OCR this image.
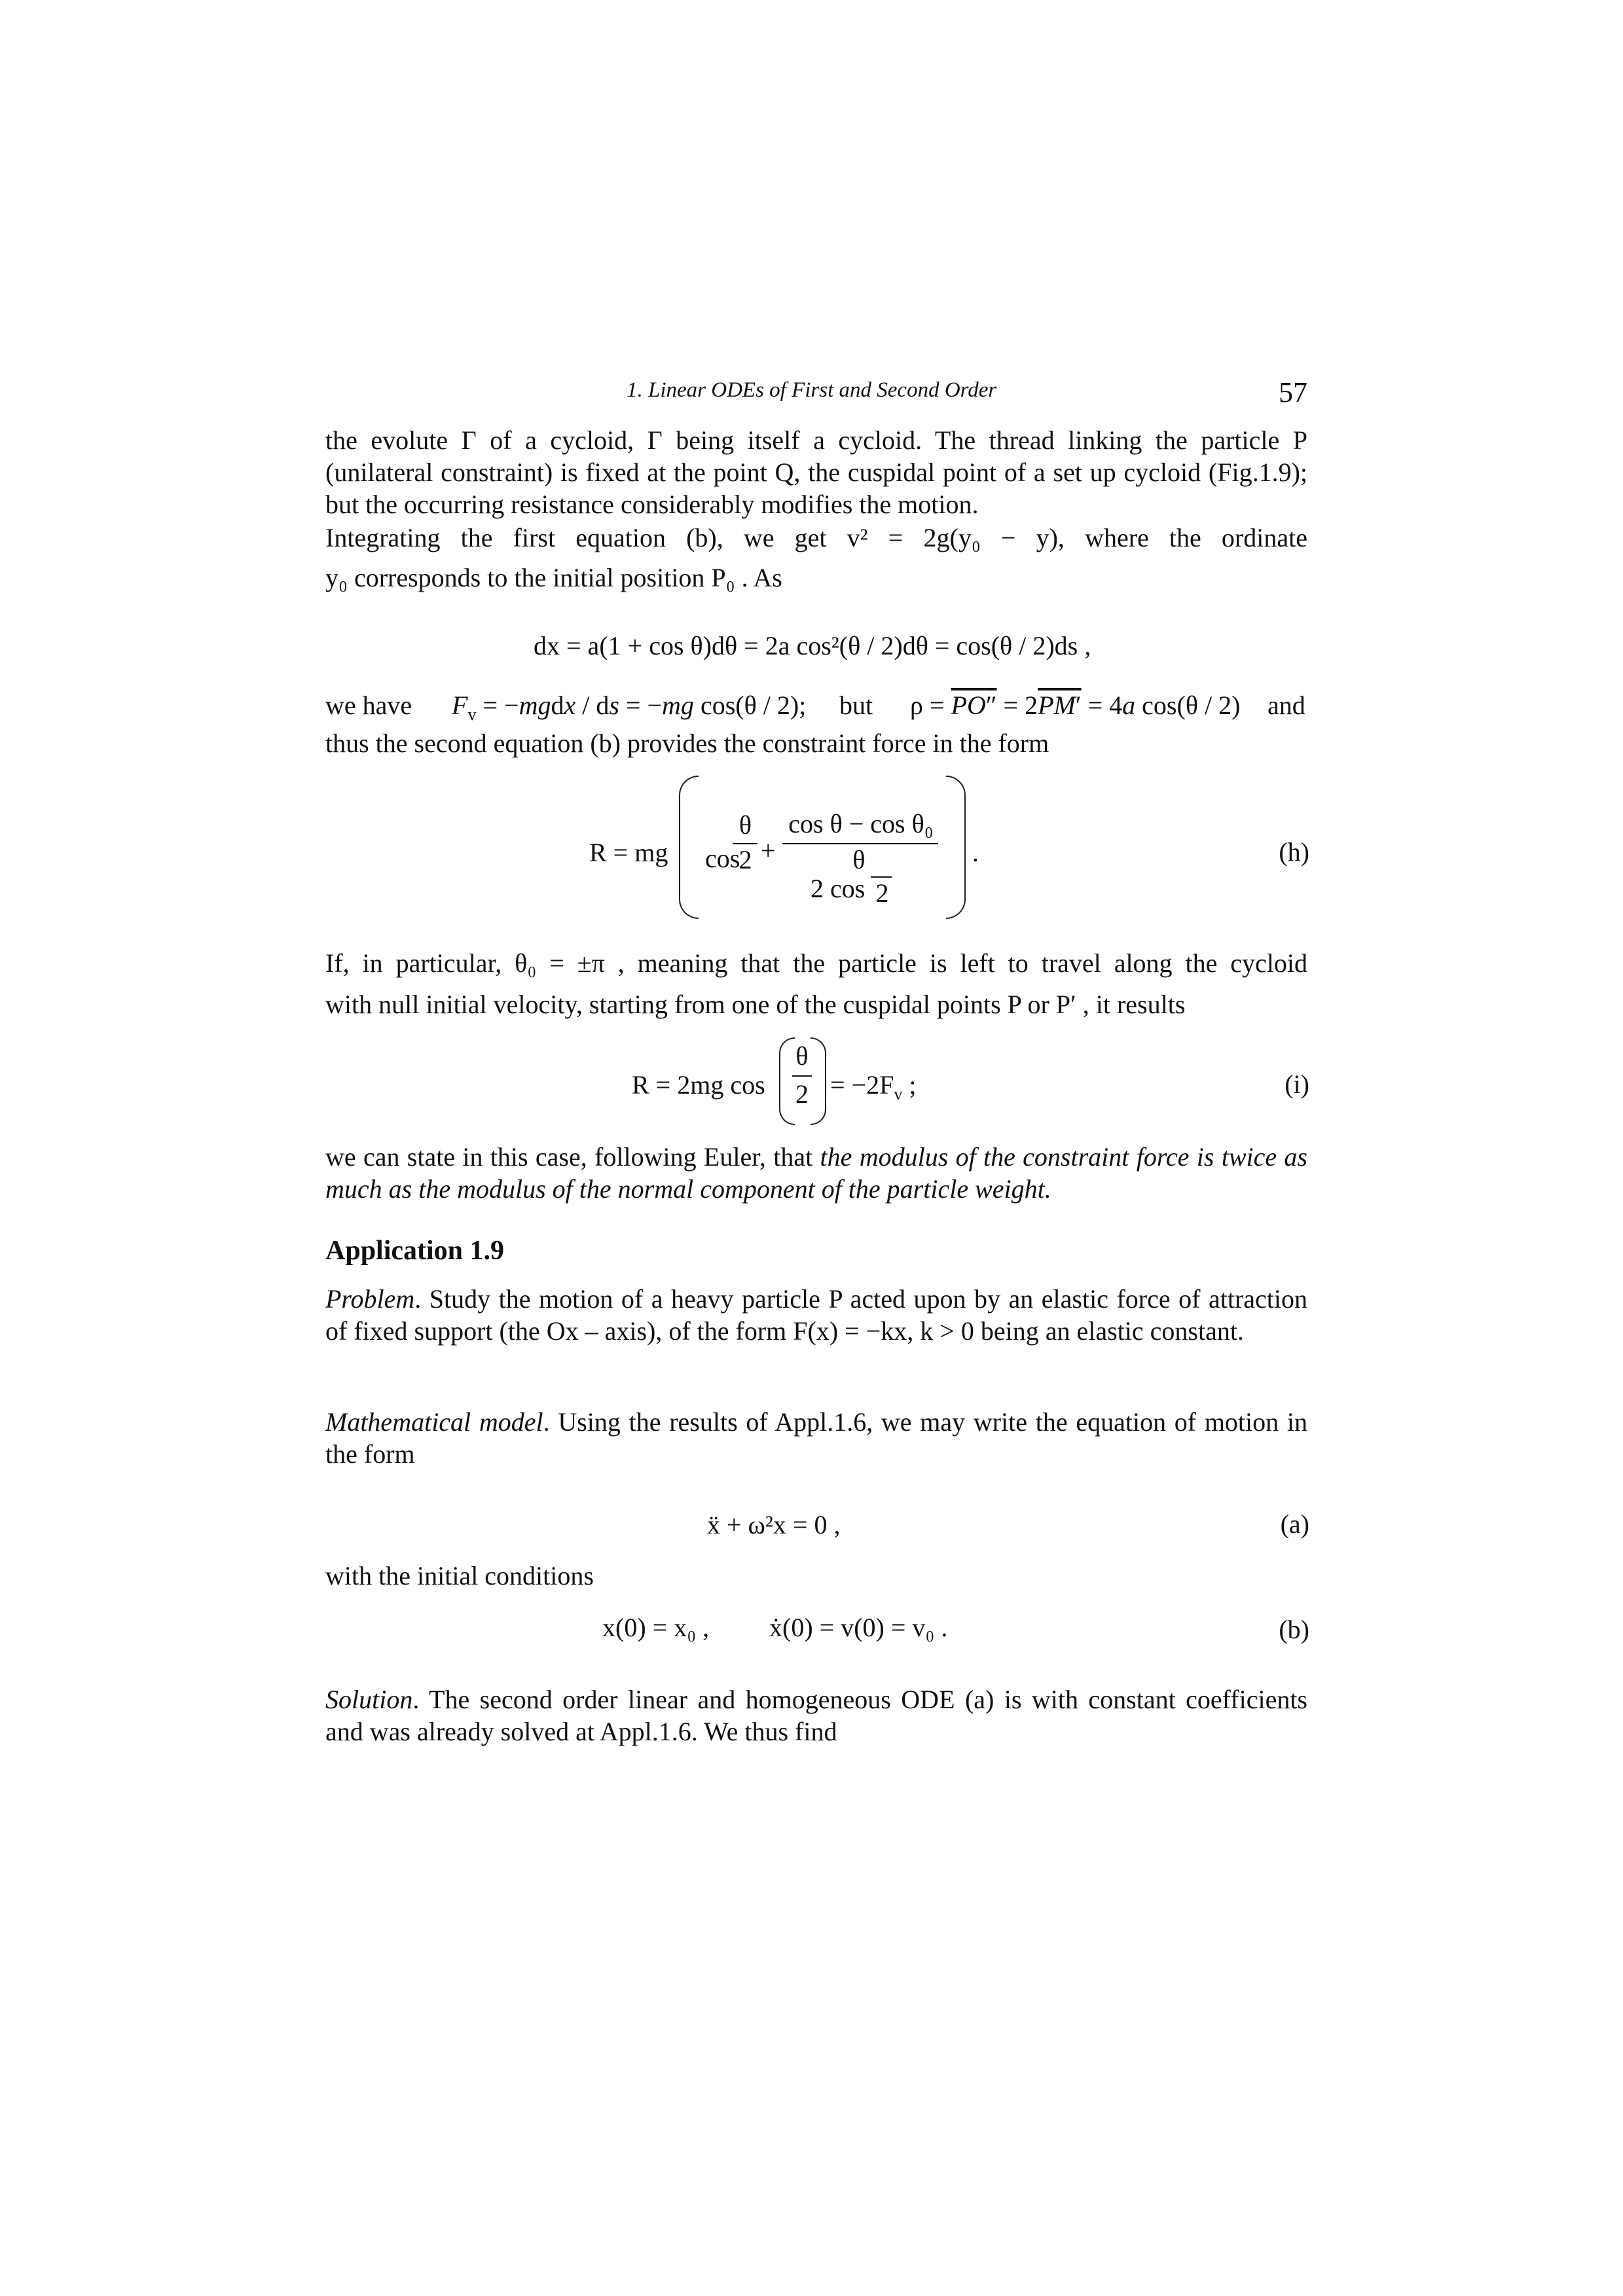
1. Linear ODEs of First and Second Order	57

the evolute Γ of a cycloid, Γ being itself a cycloid. The thread linking the particle P (unilateral constraint) is fixed at the point Q, the cuspidal point of a set up cycloid (Fig.1.9); but the occurring resistance considerably modifies the motion.

Integrating the first equation (b), we get v² = 2g(y₀ − y), where the ordinate

y₀ corresponds to the initial position P₀ . As

dx = a(1 + cos θ)dθ = 2a cos²(θ / 2)dθ = cos(θ / 2)ds ,
we have $F_v$ = −mgdx / ds = −mg cos(θ / 2); but ρ = PO″ = 2PM′ = 4a cos(θ / 2) and

thus the second equation (b) provides the constraint force in the form

R = mg cos
θ
2 +
cos θ − cos θ₀
θ
2 cos 2
.	(h)

If, in particular, θ₀ = ±π , meaning that the particle is left to travel along the cycloid

with null initial velocity, starting from one of the cuspidal points P or P′ , it results

R = 2mg cos
θ
$2 = -2F_v$ ;	(i)

we can state in this case, following Euler, that the modulus of the constraint force is twice as much as the modulus of the normal component of the particle weight.

Application 1.9

Problem. Study the motion of a heavy particle P acted upon by an elastic force of attraction of fixed support (the Ox – axis), of the form F(x) = −kx, k > 0 being an elastic constant.

Mathematical model. Using the results of Appl.1.6, we may write the equation of motion in the form

ẍ + ω²x = 0 ,	(a)
with the initial conditions
x(0) = x₀ , ẋ(0) = v(0) = v₀ .	(b)

Solution. The second order linear and homogeneous ODE (a) is with constant coefficients and was already solved at Appl.1.6. We thus find
